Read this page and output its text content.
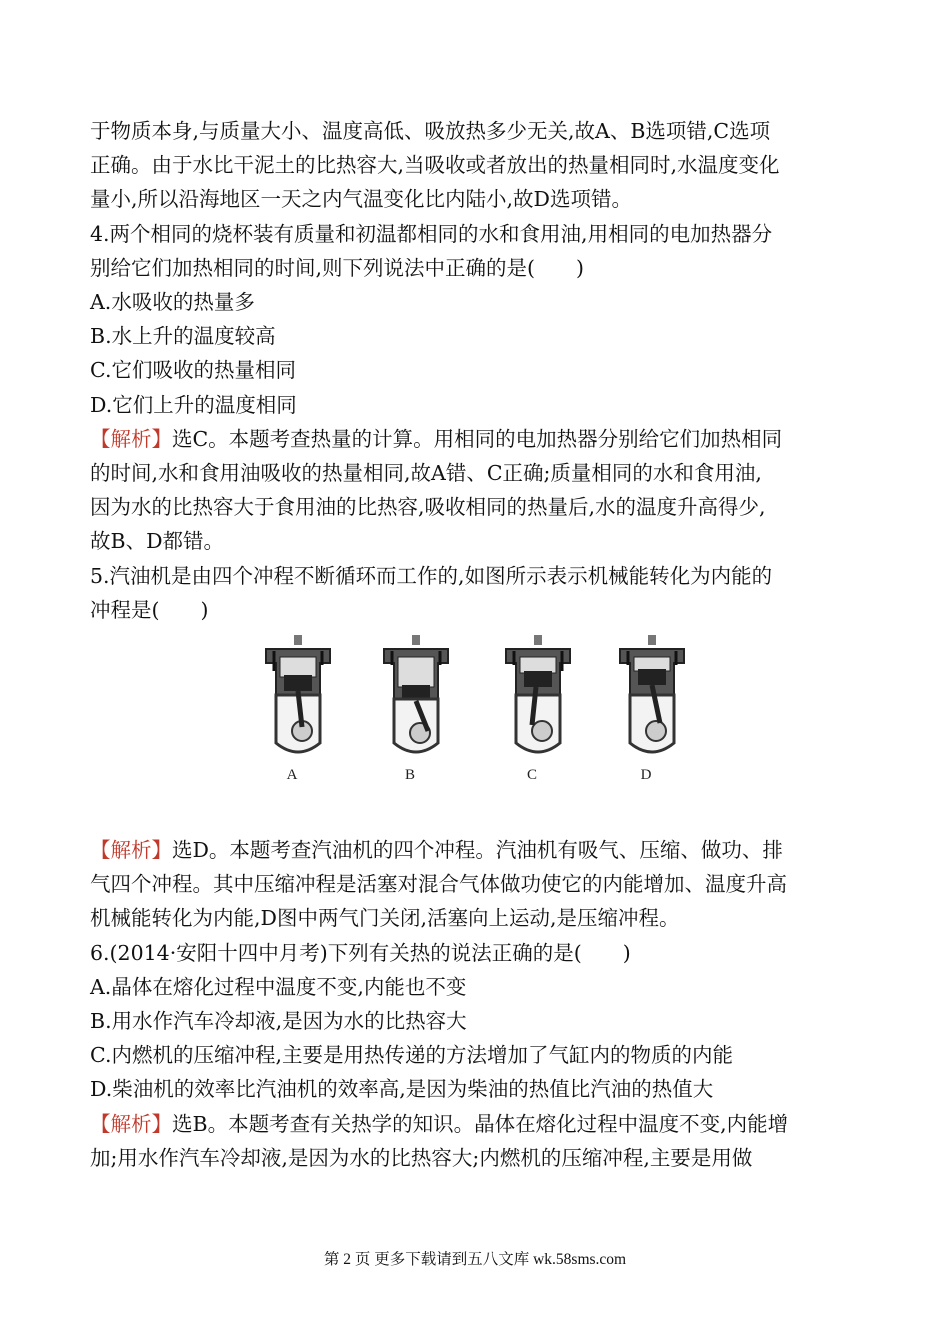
于物质本身,与质量大小、温度高低、吸放热多少无关,故A、B选项错,C选项
正确。由于水比干泥土的比热容大,当吸收或者放出的热量相同时,水温度变化
量小,所以沿海地区一天之内气温变化比内陆小,故D选项错。

4.两个相同的烧杯装有质量和初温都相同的水和食用油,用相同的电加热器分
别给它们加热相同的时间,则下列说法中正确的是(　　)

A.水吸收的热量多
B.水上升的温度较高
C.它们吸收的热量相同
D.它们上升的温度相同

【解析】选C。本题考查热量的计算。用相同的电加热器分别给它们加热相同
的时间,水和食用油吸收的热量相同,故A错、C正确;质量相同的水和食用油,
因为水的比热容大于食用油的比热容,吸收相同的热量后,水的温度升高得少,
故B、D都错。

5.汽油机是由四个冲程不断循环而工作的,如图所示表示机械能转化为内能的
冲程是(　　)

A	B	C	D

【解析】选D。本题考查汽油机的四个冲程。汽油机有吸气、压缩、做功、排
气四个冲程。其中压缩冲程是活塞对混合气体做功使它的内能增加、温度升高
机械能转化为内能,D图中两气门关闭,活塞向上运动,是压缩冲程。

6.(2014·安阳十四中月考)下列有关热的说法正确的是(　　)

A.晶体在熔化过程中温度不变,内能也不变
B.用水作汽车冷却液,是因为水的比热容大
C.内燃机的压缩冲程,主要是用热传递的方法增加了气缸内的物质的内能
D.柴油机的效率比汽油机的效率高,是因为柴油的热值比汽油的热值大

【解析】选B。本题考查有关热学的知识。晶体在熔化过程中温度不变,内能增
加;用水作汽车冷却液,是因为水的比热容大;内燃机的压缩冲程,主要是用做

第 2 页 更多下载请到五八文库 wk.58sms.com
